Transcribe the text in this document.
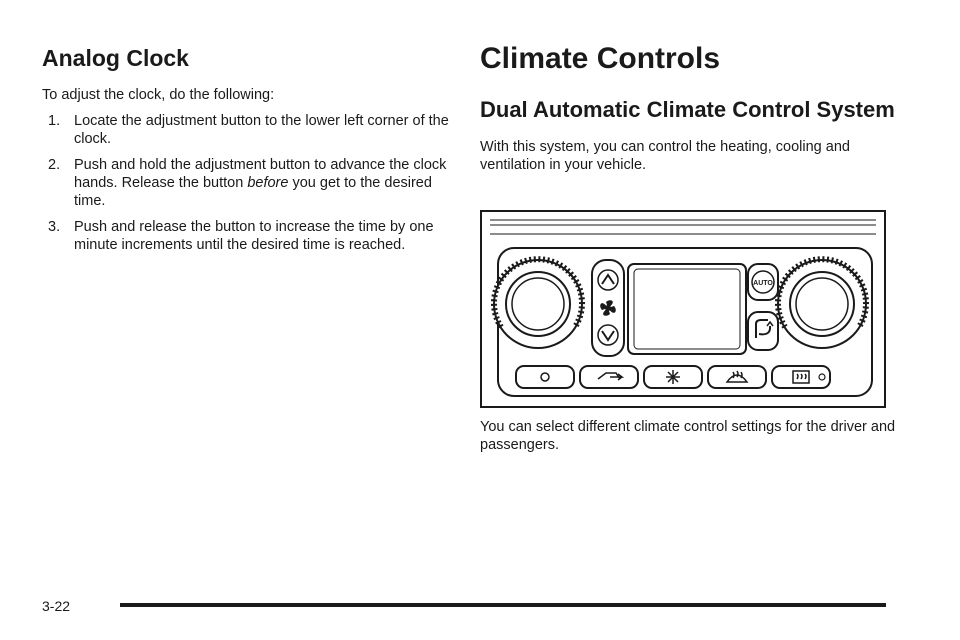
Analog Clock

To adjust the clock, do the following:

1. Locate the adjustment button to the lower left corner of the clock.
2. Push and hold the adjustment button to advance the clock hands. Release the button before you get to the desired time.
3. Push and release the button to increase the time by one minute increments until the desired time is reached.
Climate Controls
Dual Automatic Climate Control System

With this system, you can control the heating, cooling and ventilation in your vehicle.

AUTO

You can select different climate control settings for the driver and passengers.

3-22
